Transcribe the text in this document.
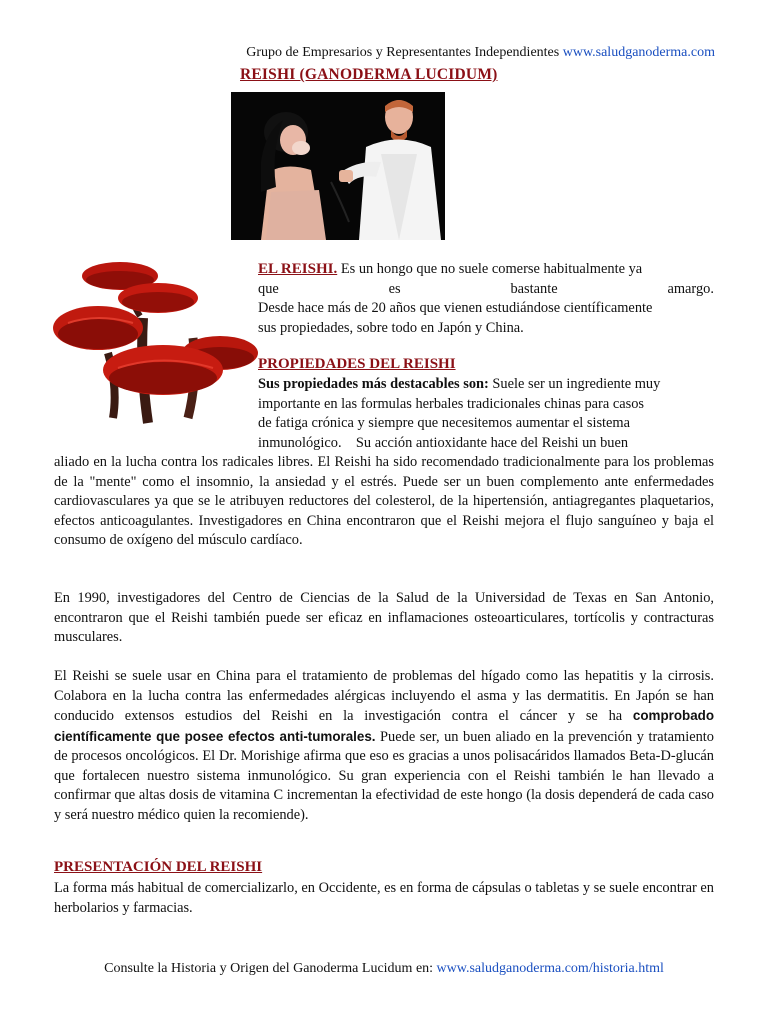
Grupo de Empresarios y Representantes Independientes www.saludganoderma.com
REISHI (GANODERMA LUCIDUM)
EL REISHI. Es un hongo que no suele comerse habitualmente ya
que	es	bastante	amargo.
Desde hace más de 20 años que vienen estudiándose científicamente
sus propiedades, sobre todo en Japón y China.
PROPIEDADES DEL REISHI
Sus propiedades más destacables son: Suele ser un ingrediente muy
importante en las formulas herbales tradicionales chinas para casos
de fatiga crónica y siempre que necesitemos aumentar el sistema
inmunológico.    Su acción antioxidante hace del Reishi un buen
aliado en la lucha contra los radicales libres. El Reishi ha sido recomendado tradicionalmente para los problemas de la "mente" como el insomnio, la ansiedad y el estrés. Puede ser un buen complemento ante enfermedades cardiovasculares ya que se le atribuyen reductores del colesterol, de la hipertensión, antiagregantes plaquetarios, efectos anticoagulantes. Investigadores en China encontraron que el Reishi mejora el flujo sanguíneo y baja el consumo de oxígeno del músculo cardíaco.
En 1990, investigadores del Centro de Ciencias de la Salud de la Universidad de Texas en San Antonio, encontraron que el Reishi también puede ser eficaz en inflamaciones osteoarticulares, tortícolis y contracturas musculares.
El Reishi se suele usar en China para el tratamiento de problemas del hígado como las hepatitis y la cirrosis. Colabora en la lucha contra las enfermedades alérgicas incluyendo el asma y las dermatitis. En Japón se han conducido extensos estudios del Reishi en la investigación contra el cáncer y se ha comprobado científicamente que posee efectos anti-tumorales. Puede ser, un buen aliado en la prevención y tratamiento de procesos oncológicos. El Dr. Morishige afirma que eso es gracias a unos polisacáridos llamados Beta-D-glucán que fortalecen nuestro sistema inmunológico. Su gran experiencia con el Reishi también le han llevado a confirmar que altas dosis de vitamina C incrementan la efectividad de este hongo (la dosis dependerá de cada caso y será nuestro médico quien la recomiende).
PRESENTACIÓN DEL REISHI
La forma más habitual de comercializarlo, en Occidente, es en forma de cápsulas o tabletas y se suele encontrar en herbolarios y farmacias.
Consulte la Historia y Origen del Ganoderma Lucidum en: www.saludganoderma.com/historia.html
